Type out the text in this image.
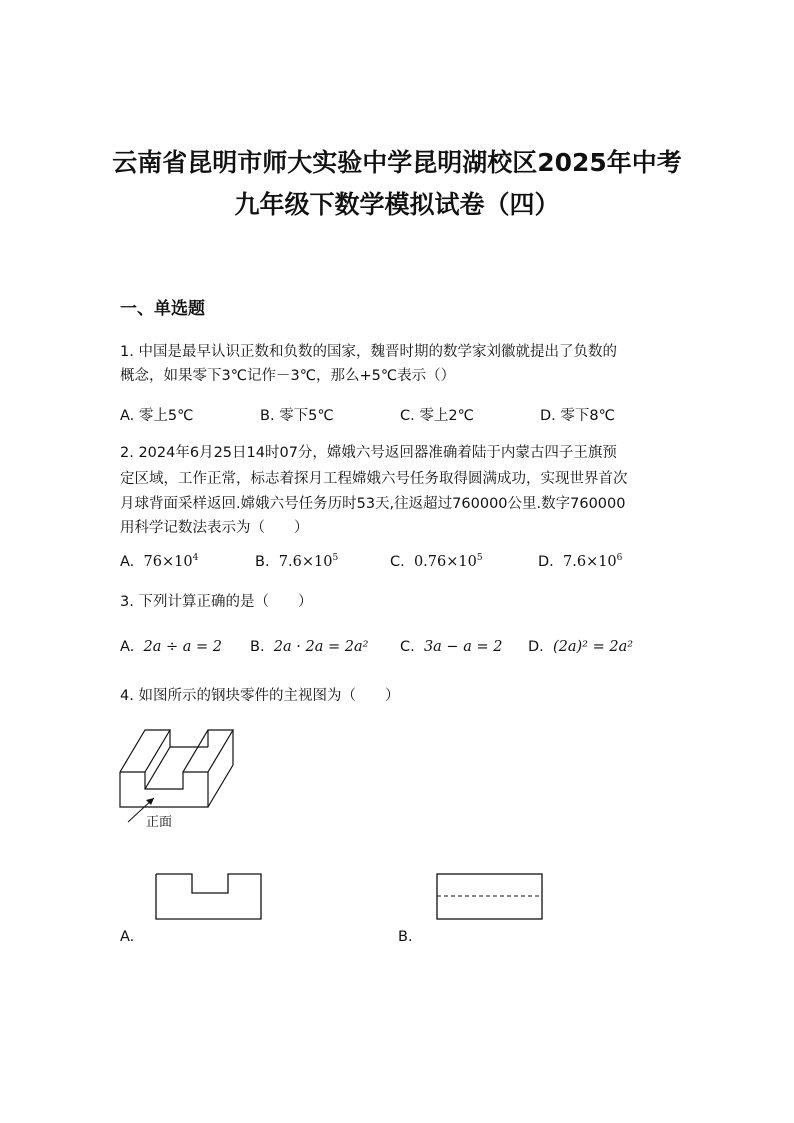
云南省昆明市师大实验中学昆明湖校区2025年中考
九年级下数学模拟试卷（四）
一、单选题
1. 中国是最早认识正数和负数的国家，魏晋时期的数学家刘徽就提出了负数的
概念，如果零下3℃记作－3℃，那么+5℃表示（）
A. 零上5℃	B. 零下5℃	C. 零上2℃	D. 零下8℃
2. 2024年6月25日14时07分，嫦娥六号返回器准确着陆于内蒙古四子王旗预
定区域，工作正常，标志着探月工程嫦娥六号任务取得圆满成功，实现世界首次
月球背面采样返回.嫦娥六号任务历时53天,往返超过760000公里.数字760000
用科学记数法表示为（　　）
A. $76\times 10^4$	B. $7.6\times 10^5$	C. $0.76\times 10^5$	D. $7.6\times 10^6$
3. 下列计算正确的是（　　）
A. 2a ÷ a = 2 B. 2a · 2a = 2a² C. 3a − a = 2 D. (2a)² = 2a²
4. 如图所示的钢块零件的主视图为（　　）
正面
A.	B.
